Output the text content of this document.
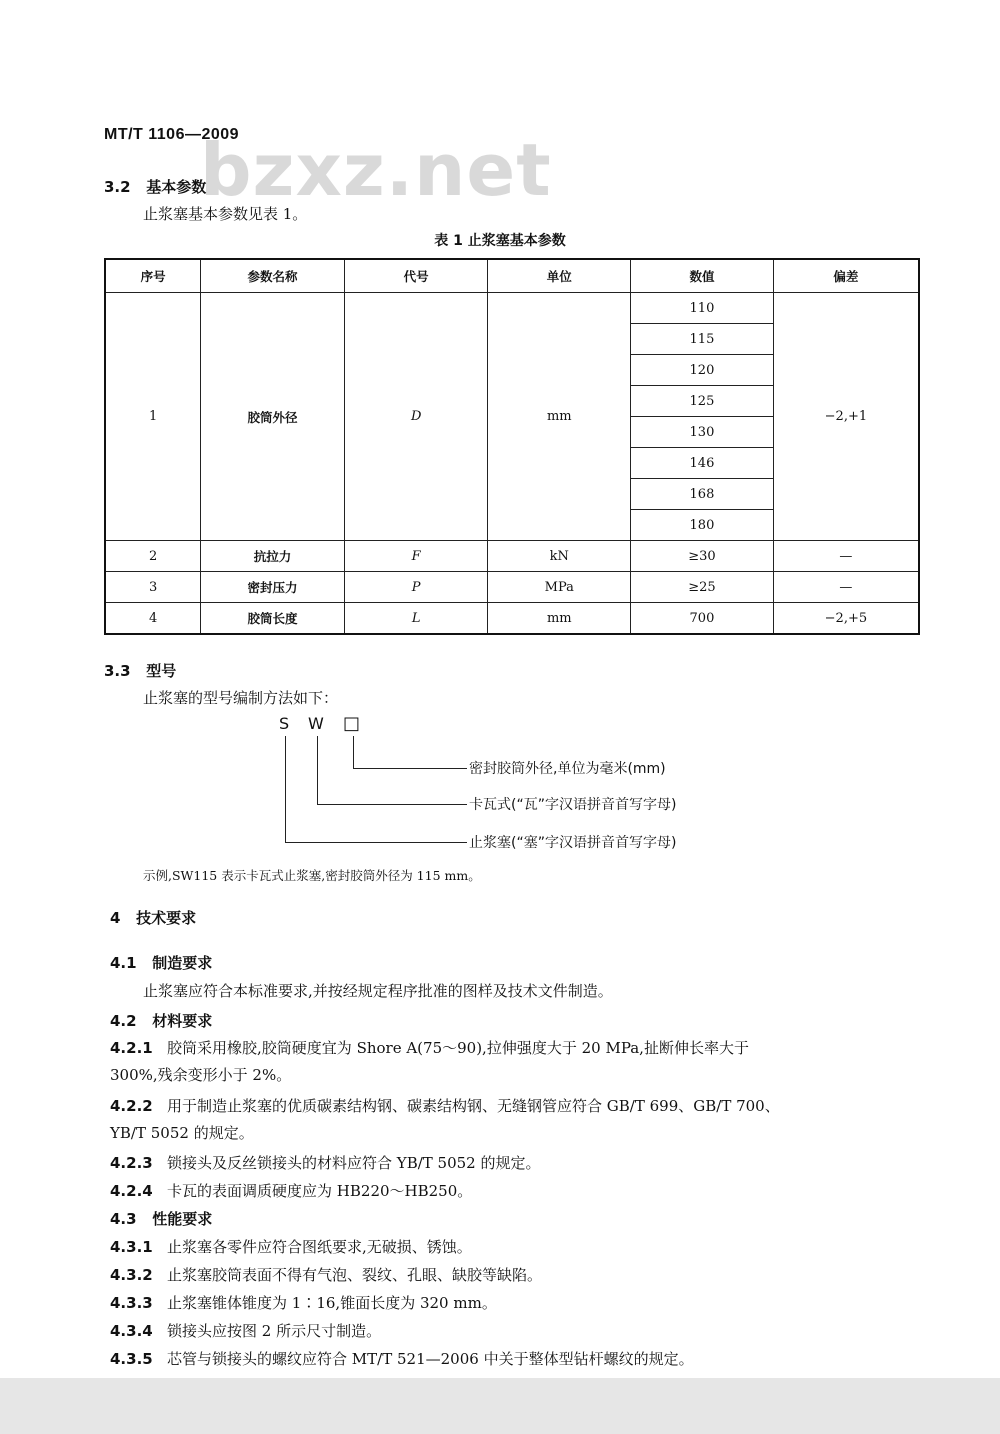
bzxz.net
MT/T 1106—2009
3.2 基本参数
止浆塞基本参数见表 1。
表 1 止浆塞基本参数
序号	参数名称	代号	单位	数值	偏差
1	胶筒外径	D	mm	110	−2,+1
				115	
				120	
				125	
				130	
				146	
				168	
				180	
2	抗拉力	F	kN	≥30	—
3	密封压力	P	MPa	≥25	—
4	胶筒长度	L	mm	700	−2,+5
3.3 型号
止浆塞的型号编制方法如下：
S W □
密封胶筒外径,单位为毫米(mm)
卡瓦式(“瓦”字汉语拼音首写字母)
止浆塞(“塞”字汉语拼音首写字母)
示例,SW115 表示卡瓦式止浆塞,密封胶筒外径为 115 mm。
4 技术要求
4.1 制造要求
止浆塞应符合本标准要求,并按经规定程序批准的图样及技术文件制造。
4.2 材料要求
4.2.1 胶筒采用橡胶,胶筒硬度宜为 Shore A(75～90),拉伸强度大于 20 MPa,扯断伸长率大于
300%,残余变形小于 2%。
4.2.2 用于制造止浆塞的优质碳素结构钢、碳素结构钢、无缝钢管应符合 GB/T 699、GB/T 700、
YB/T 5052 的规定。
4.2.3 锁接头及反丝锁接头的材料应符合 YB/T 5052 的规定。
4.2.4 卡瓦的表面调质硬度应为 HB220～HB250。
4.3 性能要求
4.3.1 止浆塞各零件应符合图纸要求,无破损、锈蚀。
4.3.2 止浆塞胶筒表面不得有气泡、裂纹、孔眼、缺胶等缺陷。
4.3.3 止浆塞锥体锥度为 1∶16,锥面长度为 320 mm。
4.3.4 锁接头应按图 2 所示尺寸制造。
4.3.5 芯管与锁接头的螺纹应符合 MT/T 521—2006 中关于整体型钻杆螺纹的规定。
